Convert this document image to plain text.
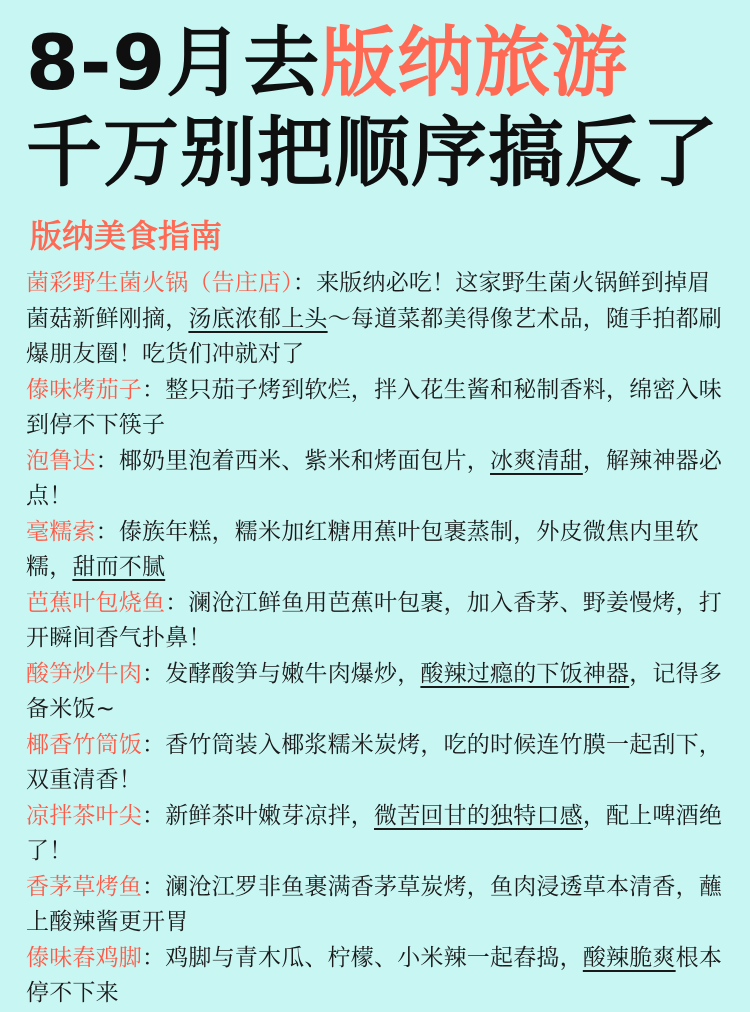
8-9月去版纳旅游
千万别把顺序搞反了
版纳美食指南
菌彩野生菌火锅（告庄店）：来版纳必吃！这家野生菌火锅鲜到掉眉 菌菇新鲜刚摘，汤底浓郁上头～每道菜都美得像艺术品，随手拍都刷爆朋友圈！吃货们冲就对了
傣味烤茄子：整只茄子烤到软烂，拌入花生酱和秘制香料，绵密入味到停不下筷子
泡鲁达：椰奶里泡着西米、紫米和烤面包片，冰爽清甜，解辣神器必点！
毫糯索：傣族年糕，糯米加红糖用蕉叶包裹蒸制，外皮微焦内里软糯，甜而不腻
芭蕉叶包烧鱼：澜沧江鲜鱼用芭蕉叶包裹，加入香茅、野姜慢烤，打开瞬间香气扑鼻！
酸笋炒牛肉：发酵酸笋与嫩牛肉爆炒，酸辣过瘾的下饭神器，记得多备米饭~
椰香竹筒饭：香竹筒装入椰浆糯米炭烤，吃的时候连竹膜一起刮下，双重清香！
凉拌茶叶尖：新鲜茶叶嫩芽凉拌，微苦回甘的独特口感，配上啤酒绝了！
香茅草烤鱼：澜沧江罗非鱼裹满香茅草炭烤，鱼肉浸透草本清香，蘸上酸辣酱更开胃
傣味舂鸡脚：鸡脚与青木瓜、柠檬、小米辣一起舂捣，酸辣脆爽根本停不下来
